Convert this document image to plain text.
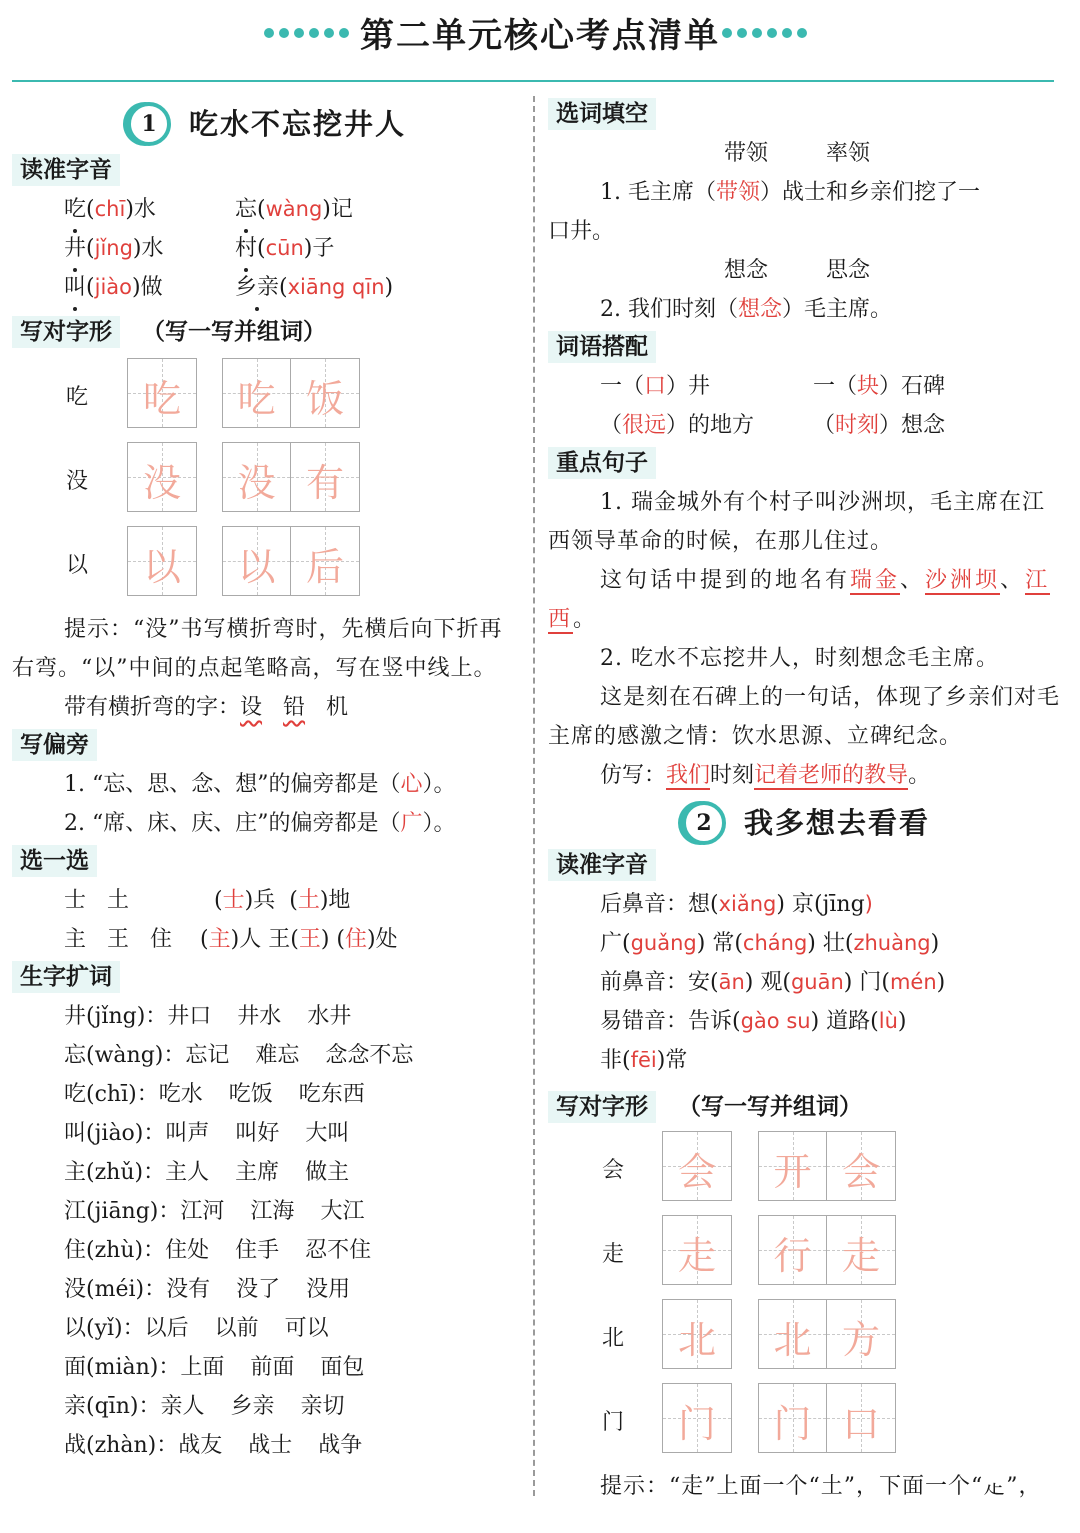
第二单元核心考点清单
1	吃水不忘挖井人
读准字音
吃(chī)水	忘(wàng)记
井(jǐng)水	村(cūn)子
叫(jiào)做	乡亲(xiāng qīn)
写对字形 （写一写并组词）
吃	吃	吃 饭
没	没	没 有
以	以	以 后
提示：“没”书写横折弯时，先横后向下折再右弯。“以”中间的点起笔略高，写在竖中线上。
带有横折弯的字：设 铅 机
写偏旁
1. “忘、思、念、想”的偏旁都是（心）。
2. “席、床、庆、庄”的偏旁都是（广）。
选一选
士 土	(士)兵  (土)地
主 王 住    (主)人 王(王) (住)处
生字扩词
井(jǐng)：井口 井水 水井
忘(wàng)：忘记 难忘 念念不忘
吃(chī)：吃水 吃饭 吃东西
叫(jiào)：叫声 叫好 大叫
主(zhǔ)：主人 主席 做主
江(jiāng)：江河 江海 大江
住(zhù)：住处 住手 忍不住
没(méi)：没有 没了 没用
以(yǐ)：以后 以前 可以
面(miàn)：上面 前面 面包
亲(qīn)：亲人 乡亲 亲切
战(zhàn)：战友 战士 战争
选词填空
带领	率领
1. 毛主席（带领）战士和乡亲们挖了一
口井。
想念	思念
2. 我们时刻（想念）毛主席。
词语搭配
一（口）井	一（块）石碑
（很远）的地方	（时刻）想念
重点句子
1. 瑞金城外有个村子叫沙洲坝，毛主席在江西领导革命的时候，在那儿住过。
这句话中提到的地名有瑞金、沙洲坝、江西。
2. 吃水不忘挖井人，时刻想念毛主席。
这是刻在石碑上的一句话，体现了乡亲们对毛主席的感激之情：饮水思源、立碑纪念。
仿写：我们时刻记着老师的教导。
2	我多想去看看
读准字音
后鼻音：想(xiǎng) 京(jīng)
广(guǎng) 常(cháng) 壮(zhuàng)
前鼻音：安(ān) 观(guān) 门(mén)
易错音：告诉(gào su) 道路(lù)
非(fēi)常
写对字形 （写一写并组词）
会	会	开 会
走	走	行 走
北	北	北 方
门	门	门 口
提示：“走”上面一个“土”，下面一个“龰”，
